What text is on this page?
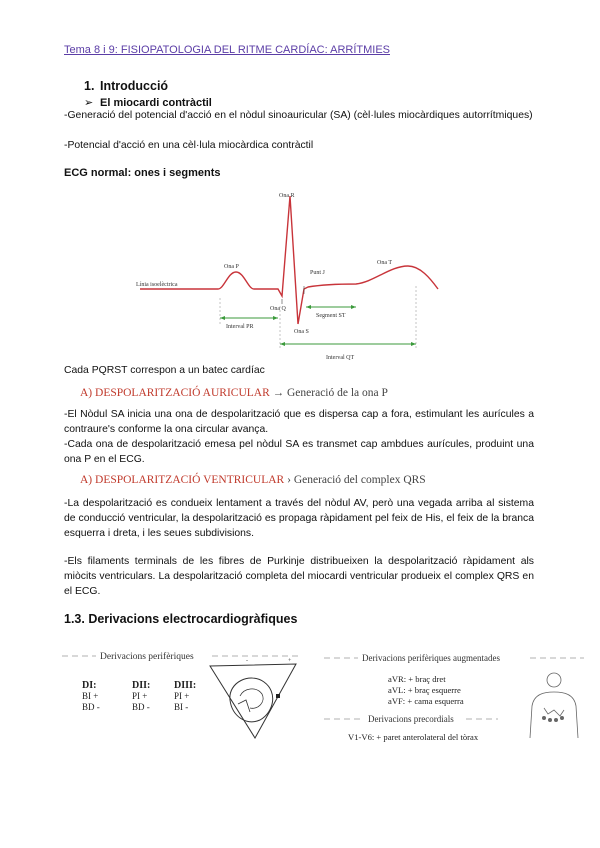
Tema 8 i 9: FISIOPATOLOGIA DEL RITME CARDÍAC: ARRÍTMIES
1. Introducció
➢ El miocardi contràctil
-Generació del potencial d'acció en el nòdul sinoauricular (SA) (cèl·lules miocàrdiques autorrítmiques)
-Potencial d'acció en una cèl·lula miocàrdica contràctil
ECG normal: ones i segments
Ona R
Ona P
Punt J
Ona T
Línia isoelèctrica
Ona Q
Ona S
Interval PR
Segment ST
Interval QT
Cada PQRST correspon a un batec cardíac
A) DESPOLARITZACIÓ AURICULAR → Generació de la ona P
-El Nòdul SA inicia una ona de despolarització que es dispersa cap a fora, estimulant les aurícules a contraure's conforme la ona circular avança.
-Cada ona de despolarització emesa pel nòdul SA es transmet cap ambdues aurícules, produint una ona P en el ECG.
A) DESPOLARITZACIÓ VENTRICULAR › Generació del complex QRS
-La despolarització es condueix lentament a través del nòdul AV, però una vegada arriba al sistema de conducció ventricular, la despolarització es propaga ràpidament pel feix de His, el feix de la branca esquerra i dreta, i les seues subdivisions.
-Els filaments terminals de les fibres de Purkinje distribueixen la despolarització ràpidament als miòcits ventriculars. La despolarització completa del miocardi ventricular produeix el complex QRS en el ECG.
1.3. Derivacions electrocardiogràfiques
Derivacions perifèriques
DI:
BI +
BD -
DII:
PI +
BD -
DIII:
PI +
BI -
-	+	Derivacions perifèriques augmentades
aVR: + braç dret
aVL: + braç esquerre
aVF: + cama esquerra
Derivacions precordials
V1-V6: + paret anterolateral del tòrax
